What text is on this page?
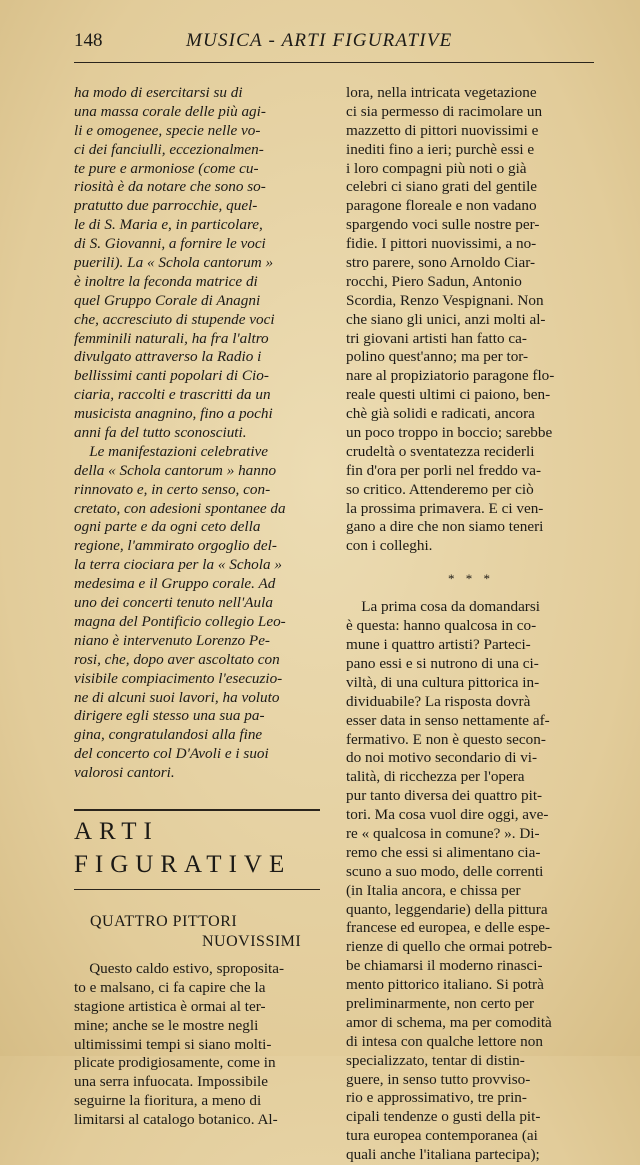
148	MUSICA - ARTI FIGURATIVE
ha modo di esercitarsi su di
una massa corale delle più agi-
li e omogenee, specie nelle vo-
ci dei fanciulli, eccezionalmen-
te pure e armoniose (come cu-
riosità è da notare che sono so-
pratutto due parrocchie, quel-
le di S. Maria e, in particolare,
di S. Giovanni, a fornire le voci
puerili). La « Schola cantorum »
è inoltre la feconda matrice di
quel Gruppo Corale di Anagni
che, accresciuto di stupende voci
femminili naturali, ha fra l'altro
divulgato attraverso la Radio i
bellissimi canti popolari di Cio-
ciaria, raccolti e trascritti da un
musicista anagnino, fino a pochi
anni fa del tutto sconosciuti.
Le manifestazioni celebrative
della « Schola cantorum » hanno
rinnovato e, in certo senso, con-
cretato, con adesioni spontanee da
ogni parte e da ogni ceto della
regione, l'ammirato orgoglio del-
la terra ciociara per la « Schola »
medesima e il Gruppo corale. Ad
uno dei concerti tenuto nell'Aula
magna del Pontificio collegio Leo-
niano è intervenuto Lorenzo Pe-
rosi, che, dopo aver ascoltato con
visibile compiacimento l'esecuzio-
ne di alcuni suoi lavori, ha voluto
dirigere egli stesso una sua pa-
gina, congratulandosi alla fine
del concerto col D'Avoli e i suoi
valorosi cantori.
ARTI
FIGURATIVE
QUATTRO PITTORI
NUOVISSIMI
Questo caldo estivo, spropositа-
to e malsano, ci fa capire che la
stagione artistica è ormai al ter-
mine; anche se le mostre negli
ultimissimi tempi si siano molti-
plicate prodigiosamente, come in
una serra infuocata. Impossibile
seguirne la fioritura, a meno di
limitarsi al catalogo botanico. Al-
lora, nella intricata vegetazione
ci sia permesso di racimolare un
mazzetto di pittori nuovissimi e
inediti fino a ieri; purchè essi e
i loro compagni più noti o già
celebri ci siano grati del gentile
paragone floreale e non vadano
spargendo voci sulle nostre per-
fidie. I pittori nuovissimi, a no-
stro parere, sono Arnoldo Ciar-
rocchi, Piero Sadun, Antonio
Scordia, Renzo Vespignani. Non
che siano gli unici, anzi molti al-
tri giovani artisti han fatto ca-
polino quest'anno; ma per tor-
nare al propiziatorio paragone flo-
reale questi ultimi ci paiono, ben-
chè già solidi e radicati, ancora
un poco troppo in boccio; sarebbe
crudeltà o sventatezza reciderli
fin d'ora per porli nel freddo va-
so critico. Attenderemo per ciò
la prossima primavera. E ci ven-
gano a dire che non siamo teneri
con i colleghi.
* * *
La prima cosa da domandarsi
è questa: hanno qualcosa in co-
mune i quattro artisti? Parteci-
pano essi e si nutrono di una ci-
viltà, di una cultura pittorica in-
dividuabile? La risposta dovrà
esser data in senso nettamente af-
fermativo. E non è questo secon-
do noi motivo secondario di vi-
talità, di ricchezza per l'opera
pur tanto diversa dei quattro pit-
tori. Ma cosa vuol dire oggi, ave-
re « qualcosa in comune? ». Di-
remo che essi si alimentano cia-
scuno a suo modo, delle correnti
(in Italia ancora, e chissa per
quanto, leggendarie) della pittura
francese ed europea, e delle espe-
rienze di quello che ormai potreb-
be chiamarsi il moderno rinasci-
mento pittorico italiano. Si potrà
preliminarmente, non certo per
amor di schema, ma per comodità
di intesa con qualche lettore non
specializzato, tentar di distin-
guere, in senso tutto provviso-
rio e approssimativo, tre prin-
cipali tendenze o gusti della pit-
tura europea contemporanea (ai
quali anche l'italiana partecipa);
